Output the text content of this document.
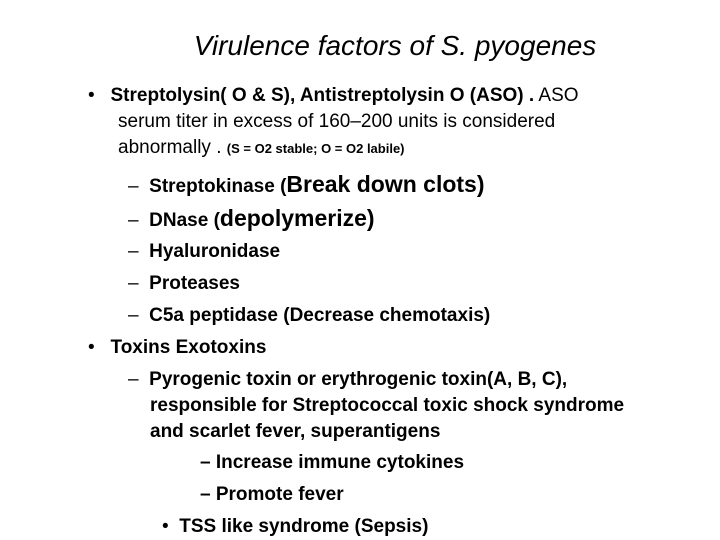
Virulence factors of S. pyogenes
• Streptolysin( O & S), Antistreptolysin O (ASO) . ASO
serum titer in excess of 160–200 units is considered
abnormally . (S = O2 stable; O = O2 labile)
– Streptokinase (Break down clots)
– DNase (depolymerize)
– Hyaluronidase
– Proteases
– C5a peptidase (Decrease chemotaxis)
• Toxins Exotoxins
– Pyrogenic toxin or erythrogenic toxin(A, B, C),
responsible for Streptococcal toxic shock syndrome
and scarlet fever, superantigens
– Increase immune cytokines
– Promote fever
• TSS like syndrome (Sepsis)
